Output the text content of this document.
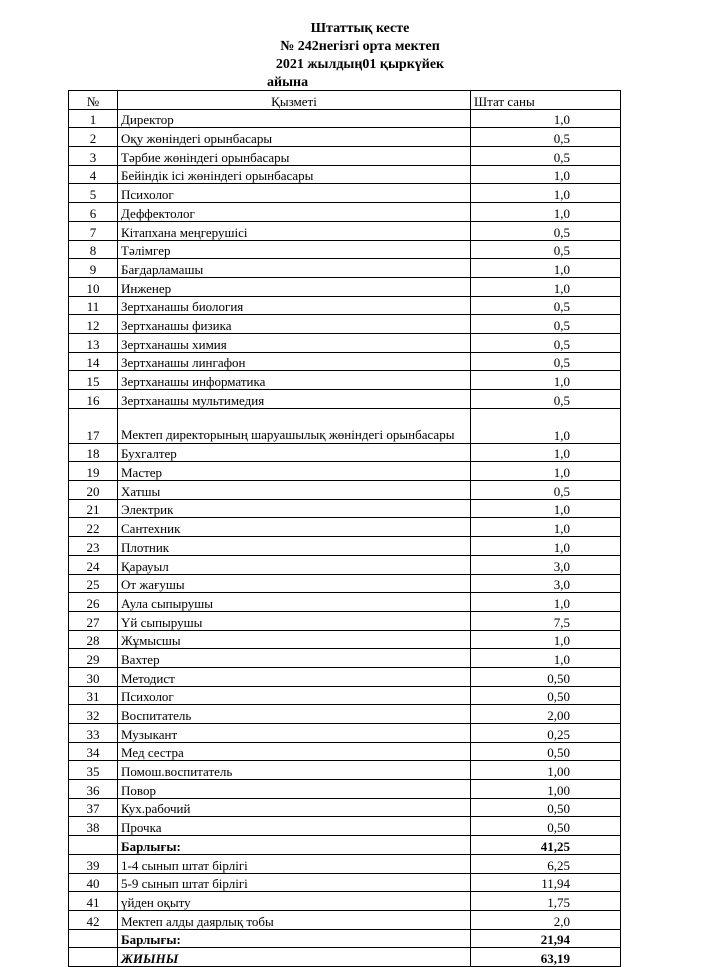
Штаттық кесте
№ 242негізгі орта мектеп
2021 жылдың01 қыркүйек
айына
№	Қызметі	Штат саны
1	Директор	1,0
2	Оқу жөніндегі орынбасары	0,5
3	Тәрбие жөніндегі орынбасары	0,5
4	Бейіндік ісі жөніндегі орынбасары	1,0
5	Психолог	1,0
6	Деффектолог	1,0
7	Кітапхана меңгерушісі	0,5
8	Тәлімгер	0,5
9	Бағдарламашы	1,0
10	Инженер	1,0
11	Зертханашы биология	0,5
12	Зертханашы физика	0,5
13	Зертханашы химия	0,5
14	Зертханашы лингафон	0,5
15	Зертханашы информатика	1,0
16	Зертханашы мультимедия	0,5
17	Мектеп директорының шаруашылық жөніндегі орынбасары	1,0
18	Бухгалтер	1,0
19	Мастер	1,0
20	Хатшы	0,5
21	Электрик	1,0
22	Сантехник	1,0
23	Плотник	1,0
24	Қарауыл	3,0
25	От жағушы	3,0
26	Аула сыпырушы	1,0
27	Үй сыпырушы	7,5
28	Жұмысшы	1,0
29	Вахтер	1,0
30	Методист	0,50
31	Психолог	0,50
32	Воспитатель	2,00
33	Музыкант	0,25
34	Мед сестра	0,50
35	Помош.воспитатель	1,00
36	Повор	1,00
37	Кух.рабочий	0,50
38	Прочка	0,50
	Барлығы:	41,25
39	1-4 сынып штат бірлігі	6,25
40	5-9 сынып штат бірлігі	11,94
41	үйден оқыту	1,75
42	Мектеп алды даярлық тобы	2,0
	Барлығы:	21,94
	ЖИЫНЫ	63,19
